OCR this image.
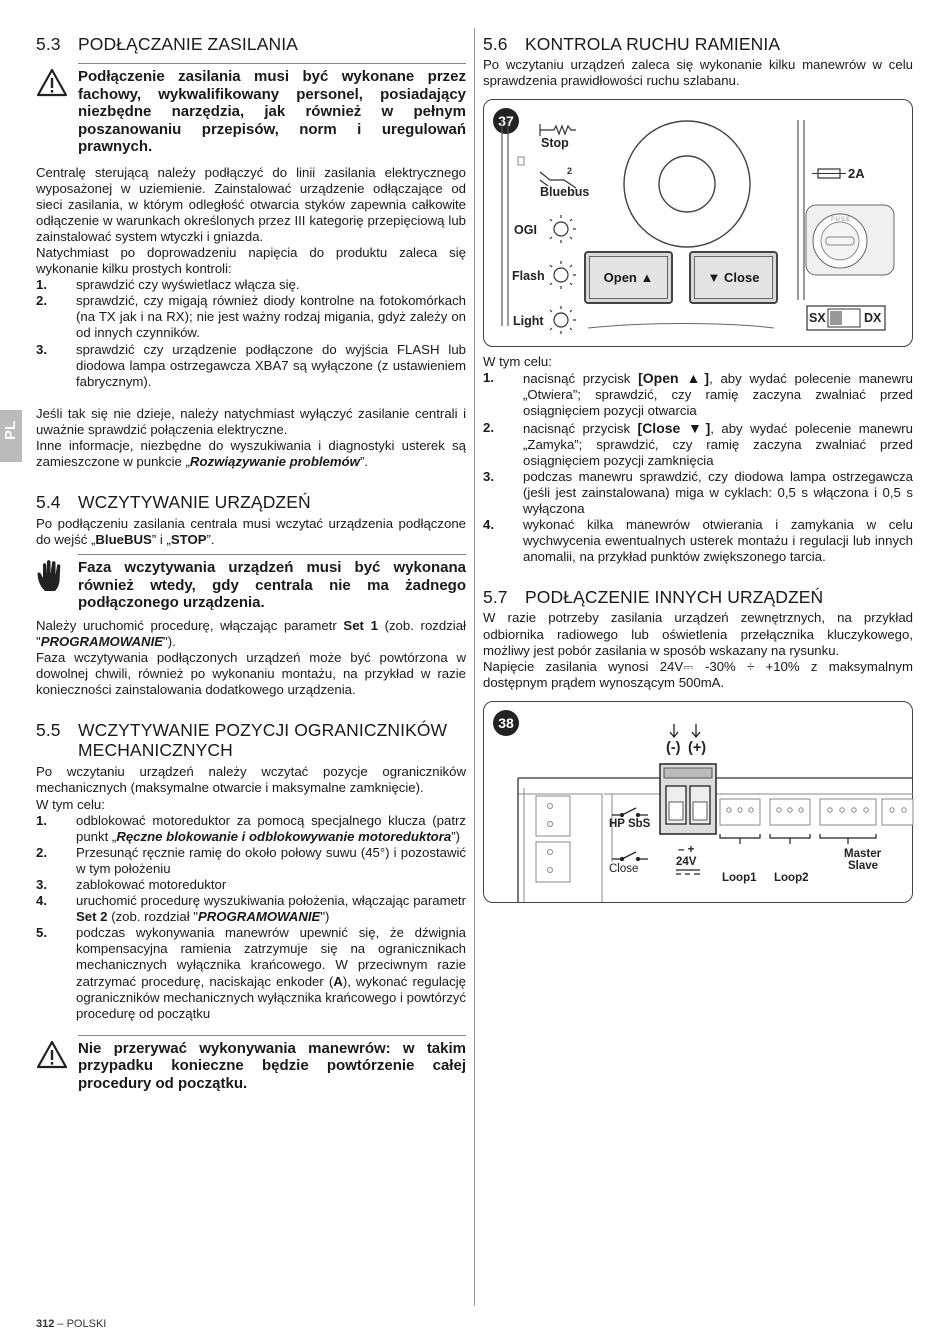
PL
5.3 PODŁĄCZANIE ZASILANIA
Podłączenie zasilania musi być wykonane przez fachowy, wykwalifikowany personel, posiadający niezbędne narzędzia, jak również w pełnym poszanowaniu przepisów, norm i uregulowań prawnych.

Centralę sterującą należy podłączyć do linii zasilania elektrycznego wyposażonej w uziemienie. Zainstalować urządzenie odłączające od sieci zasilania, w którym odległość otwarcia styków zapewnia całkowite odłączenie w warunkach określonych przez III kategorię przepięciową lub zainstalować system wtyczki i gniazda.

Natychmiast po doprowadzeniu napięcia do produktu zaleca się wykonanie kilku prostych kontroli:

1.	sprawdzić czy wyświetlacz włącza się.
2.	sprawdzić, czy migają również diody kontrolne na fotokomórkach (na TX jak i na RX); nie jest ważny rodzaj migania, gdyż zależy on od innych czynników.
3.	sprawdzić czy urządzenie podłączone do wyjścia FLASH lub diodowa lampa ostrzegawcza XBA7 są wyłączone (z ustawieniem fabrycznym).

Jeśli tak się nie dzieje, należy natychmiast wyłączyć zasilanie centrali i uważnie sprawdzić połączenia elektryczne.

Inne informacje, niezbędne do wyszukiwania i diagnostyki usterek są zamieszczone w punkcie „Rozwiązywanie problemów”.

5.4 WCZYTYWANIE URZĄDZEŃ

Po podłączeniu zasilania centrala musi wczytać urządzenia podłączone do wejść „BlueBUS” i „STOP”.

Faza wczytywania urządzeń musi być wykonana również wtedy, gdy centrala nie ma żadnego podłączonego urządzenia.

Należy uruchomić procedurę, włączając parametr Set 1 (zob. rozdział "PROGRAMOWANIE").

Faza wczytywania podłączonych urządzeń może być powtórzona w dowolnej chwili, również po wykonaniu montażu, na przykład w razie konieczności zainstalowania dodatkowego urządzenia.

5.5 WCZYTYWANIE POZYCJI OGRANICZNIKÓW MECHANICZNYCH

Po wczytaniu urządzeń należy wczytać pozycje ograniczników mechanicznych (maksymalne otwarcie i maksymalne zamknięcie).

W tym celu:

1.	odblokować motoreduktor za pomocą specjalnego klucza (patrz punkt „Ręczne blokowanie i odblokowywanie motoreduktora”)
2.	Przesunąć ręcznie ramię do około połowy suwu (45°) i pozostawić w tym położeniu
3.	zablokować motoreduktor
4.	uruchomić procedurę wyszukiwania położenia, włączając parametr Set 2 (zob. rozdział "PROGRAMOWANIE")
5.	podczas wykonywania manewrów upewnić się, że dźwignia kompensacyjna ramienia zatrzymuje się na ogranicznikach mechanicznych wyłącznika krańcowego. W przeciwnym razie zatrzymać procedurę, naciskając enkoder (A), wykonać regulację ograniczników mechanicznych wyłącznika krańcowego i powtórzyć procedurę od początku
Nie przerywać wykonywania manewrów: w takim przypadku konieczne będzie powtórzenie całej procedury od początku.
5.6 KONTROLA RUCHU RAMIENIA

Po wczytaniu urządzeń zaleca się wykonanie kilku manewrów w celu sprawdzenia prawidłowości ruchu szlabanu.

37
2
Stop
Bluebus
OGI
Flash
Light
Open ▲	▼ Close
2A
FUSE
SX	DX

W tym celu:

1.	nacisnąć przycisk [Open ▲], aby wydać polecenie manewru „Otwiera”; sprawdzić, czy ramię zaczyna zwalniać przed osiągnięciem pozycji otwarcia
2.	nacisnąć przycisk [Close ▼], aby wydać polecenie manewru „Zamyka”; sprawdzić, czy ramię zaczyna zwalniać przed osiągnięciem pozycji zamknięcia
3.	podczas manewru sprawdzić, czy diodowa lampa ostrzegawcza (jeśli jest zainstalowana) miga w cyklach: 0,5 s włączona i 0,5 s wyłączona
4.	wykonać kilka manewrów otwierania i zamykania w celu wychwycenia ewentualnych usterek montażu i regulacji lub innych anomalii, na przykład punktów zwiększonego tarcia.
5.7 PODŁĄCZENIE INNYCH URZĄDZEŃ

W razie potrzeby zasilania urządzeń zewnętrznych, na przykład odbiornika radiowego lub oświetlenia przełącznika kluczykowego, możliwy jest pobór zasilania w sposób wskazany na rysunku.

Napięcie zasilania wynosi 24V⎓ -30% ÷ +10% z maksymalnym dostępnym prądem wynoszącym 500mA.

38
(-) (+)
HP SbS
Close
– +
24V
Loop1 Loop2
Master
Slave
312 – POLSKI
